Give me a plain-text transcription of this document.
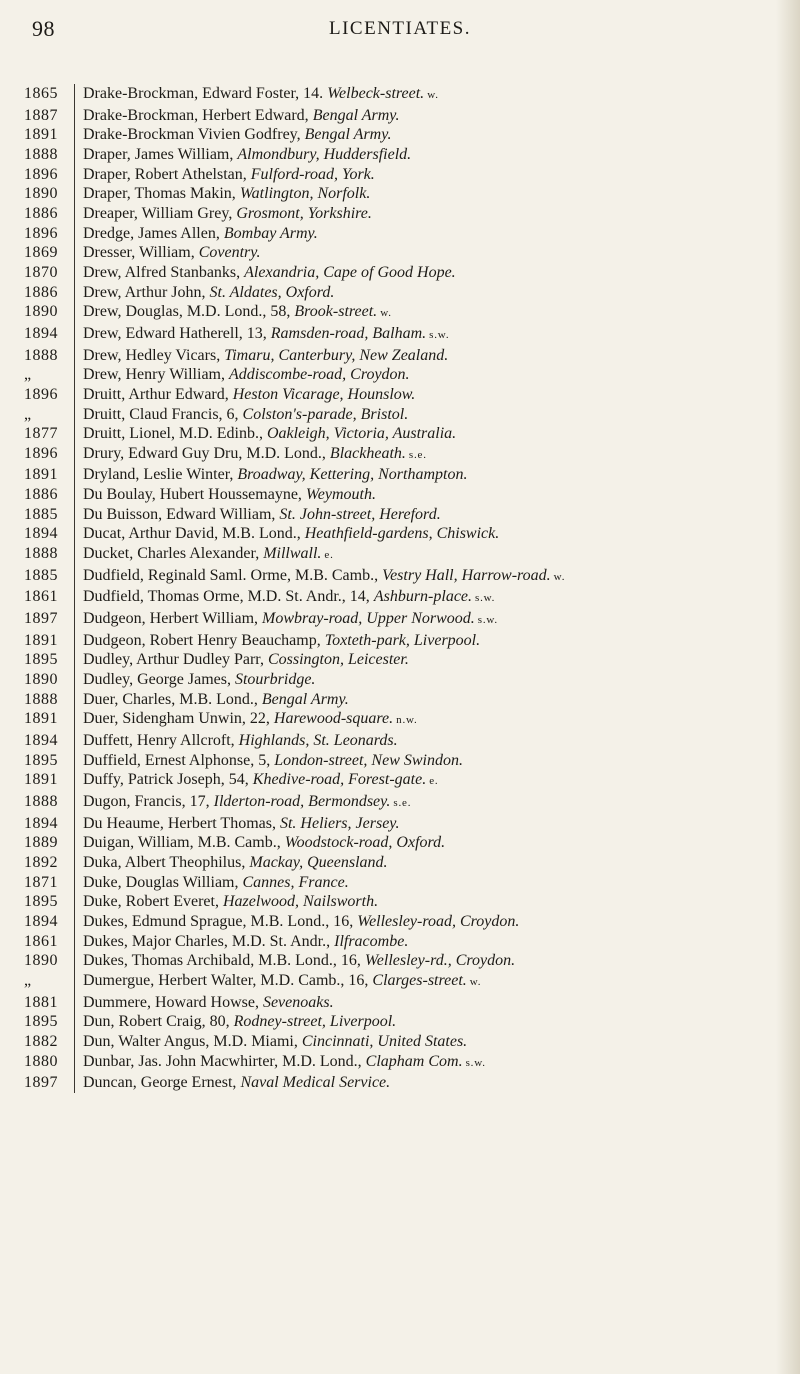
98	LICENTIATES.
1865	Drake-Brockman, Edward Foster, 14. Welbeck-street. w.
1887	Drake-Brockman, Herbert Edward, Bengal Army.
1891	Drake-Brockman Vivien Godfrey, Bengal Army.
1888	Draper, James William, Almondbury, Huddersfield.
1896	Draper, Robert Athelstan, Fulford-road, York.
1890	Draper, Thomas Makin, Watlington, Norfolk.
1886	Dreaper, William Grey, Grosmont, Yorkshire.
1896	Dredge, James Allen, Bombay Army.
1869	Dresser, William, Coventry.
1870	Drew, Alfred Stanbanks, Alexandria, Cape of Good Hope.
1886	Drew, Arthur John, St. Aldates, Oxford.
1890	Drew, Douglas, M.D. Lond., 58, Brook-street. w.
1894	Drew, Edward Hatherell, 13, Ramsden-road, Balham. s.w.
1888	Drew, Hedley Vicars, Timaru, Canterbury, New Zealand.
„	Drew, Henry William, Addiscombe-road, Croydon.
1896	Druitt, Arthur Edward, Heston Vicarage, Hounslow.
„	Druitt, Claud Francis, 6, Colston's-parade, Bristol.
1877	Druitt, Lionel, M.D. Edinb., Oakleigh, Victoria, Australia.
1896	Drury, Edward Guy Dru, M.D. Lond., Blackheath. s.e.
1891	Dryland, Leslie Winter, Broadway, Kettering, Northampton.
1886	Du Boulay, Hubert Houssemayne, Weymouth.
1885	Du Buisson, Edward William, St. John-street, Hereford.
1894	Ducat, Arthur David, M.B. Lond., Heathfield-gardens, Chiswick.
1888	Ducket, Charles Alexander, Millwall. e.
1885	Dudfield, Reginald Saml. Orme, M.B. Camb., Vestry Hall, Harrow-road. w.
1861	Dudfield, Thomas Orme, M.D. St. Andr., 14, Ashburn-place. s.w.
1897	Dudgeon, Herbert William, Mowbray-road, Upper Norwood. s.w.
1891	Dudgeon, Robert Henry Beauchamp, Toxteth-park, Liverpool.
1895	Dudley, Arthur Dudley Parr, Cossington, Leicester.
1890	Dudley, George James, Stourbridge.
1888	Duer, Charles, M.B. Lond., Bengal Army.
1891	Duer, Sidengham Unwin, 22, Harewood-square. n.w.
1894	Duffett, Henry Allcroft, Highlands, St. Leonards.
1895	Duffield, Ernest Alphonse, 5, London-street, New Swindon.
1891	Duffy, Patrick Joseph, 54, Khedive-road, Forest-gate. e.
1888	Dugon, Francis, 17, Ilderton-road, Bermondsey. s.e.
1894	Du Heaume, Herbert Thomas, St. Heliers, Jersey.
1889	Duigan, William, M.B. Camb., Woodstock-road, Oxford.
1892	Duka, Albert Theophilus, Mackay, Queensland.
1871	Duke, Douglas William, Cannes, France.
1895	Duke, Robert Everet, Hazelwood, Nailsworth.
1894	Dukes, Edmund Sprague, M.B. Lond., 16, Wellesley-road, Croydon.
1861	Dukes, Major Charles, M.D. St. Andr., Ilfracombe.
1890	Dukes, Thomas Archibald, M.B. Lond., 16, Wellesley-rd., Croydon.
„	Dumergue, Herbert Walter, M.D. Camb., 16, Clarges-street. w.
1881	Dummere, Howard Howse, Sevenoaks.
1895	Dun, Robert Craig, 80, Rodney-street, Liverpool.
1882	Dun, Walter Angus, M.D. Miami, Cincinnati, United States.
1880	Dunbar, Jas. John Macwhirter, M.D. Lond., Clapham Com. s.w.
1897	Duncan, George Ernest, Naval Medical Service.
